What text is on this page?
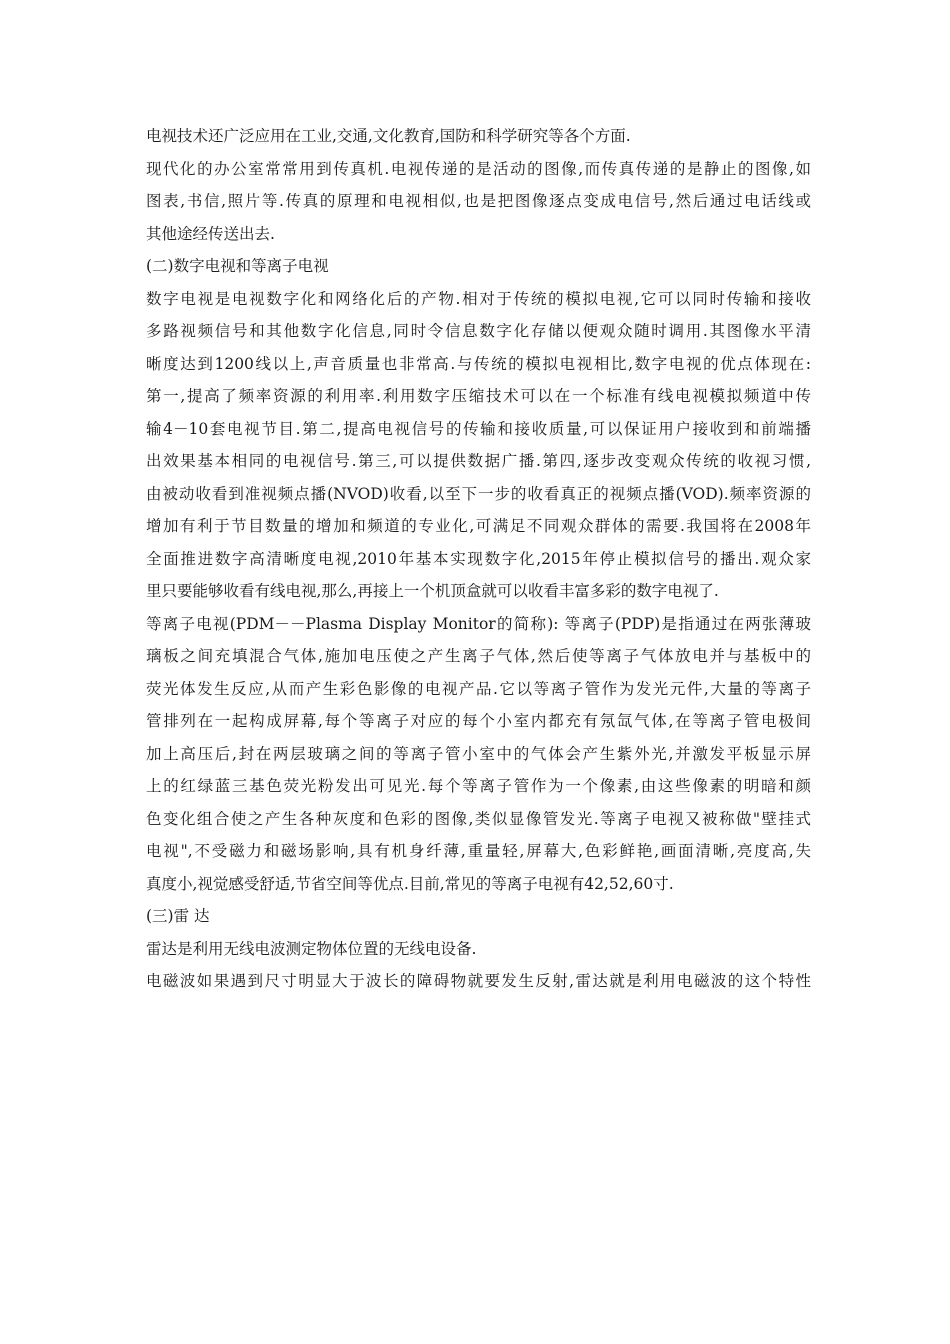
电视技术还广泛应用在工业,交通,文化教育,国防和科学研究等各个方面.
现代化的办公室常常用到传真机.电视传递的是活动的图像,而传真传递的是静止的图像,如
图表,书信,照片等.传真的原理和电视相似,也是把图像逐点变成电信号,然后通过电话线或
其他途经传送出去.
(二)数字电视和等离子电视
数字电视是电视数字化和网络化后的产物.相对于传统的模拟电视,它可以同时传输和接收
多路视频信号和其他数字化信息,同时令信息数字化存储以便观众随时调用.其图像水平清
晰度达到1200线以上,声音质量也非常高.与传统的模拟电视相比,数字电视的优点体现在:
第一,提高了频率资源的利用率.利用数字压缩技术可以在一个标准有线电视模拟频道中传
输4－10套电视节目.第二,提高电视信号的传输和接收质量,可以保证用户接收到和前端播
出效果基本相同的电视信号.第三,可以提供数据广播.第四,逐步改变观众传统的收视习惯,
由被动收看到准视频点播(NVOD)收看,以至下一步的收看真正的视频点播(VOD).频率资源的
增加有利于节目数量的增加和频道的专业化,可满足不同观众群体的需要.我国将在2008年
全面推进数字高清晰度电视,2010年基本实现数字化,2015年停止模拟信号的播出.观众家
里只要能够收看有线电视,那么,再接上一个机顶盒就可以收看丰富多彩的数字电视了.
等离子电视(PDM－－Plasma Display Monitor的简称): 等离子(PDP)是指通过在两张薄玻
璃板之间充填混合气体,施加电压使之产生离子气体,然后使等离子气体放电并与基板中的
荧光体发生反应,从而产生彩色影像的电视产品.它以等离子管作为发光元件,大量的等离子
管排列在一起构成屏幕,每个等离子对应的每个小室内都充有氖氙气体,在等离子管电极间
加上高压后,封在两层玻璃之间的等离子管小室中的气体会产生紫外光,并激发平板显示屏
上的红绿蓝三基色荧光粉发出可见光.每个等离子管作为一个像素,由这些像素的明暗和颜
色变化组合使之产生各种灰度和色彩的图像,类似显像管发光.等离子电视又被称做"壁挂式
电视",不受磁力和磁场影响,具有机身纤薄,重量轻,屏幕大,色彩鲜艳,画面清晰,亮度高,失
真度小,视觉感受舒适,节省空间等优点.目前,常见的等离子电视有42,52,60寸.
(三)雷 达
雷达是利用无线电波测定物体位置的无线电设备.
电磁波如果遇到尺寸明显大于波长的障碍物就要发生反射,雷达就是利用电磁波的这个特性
